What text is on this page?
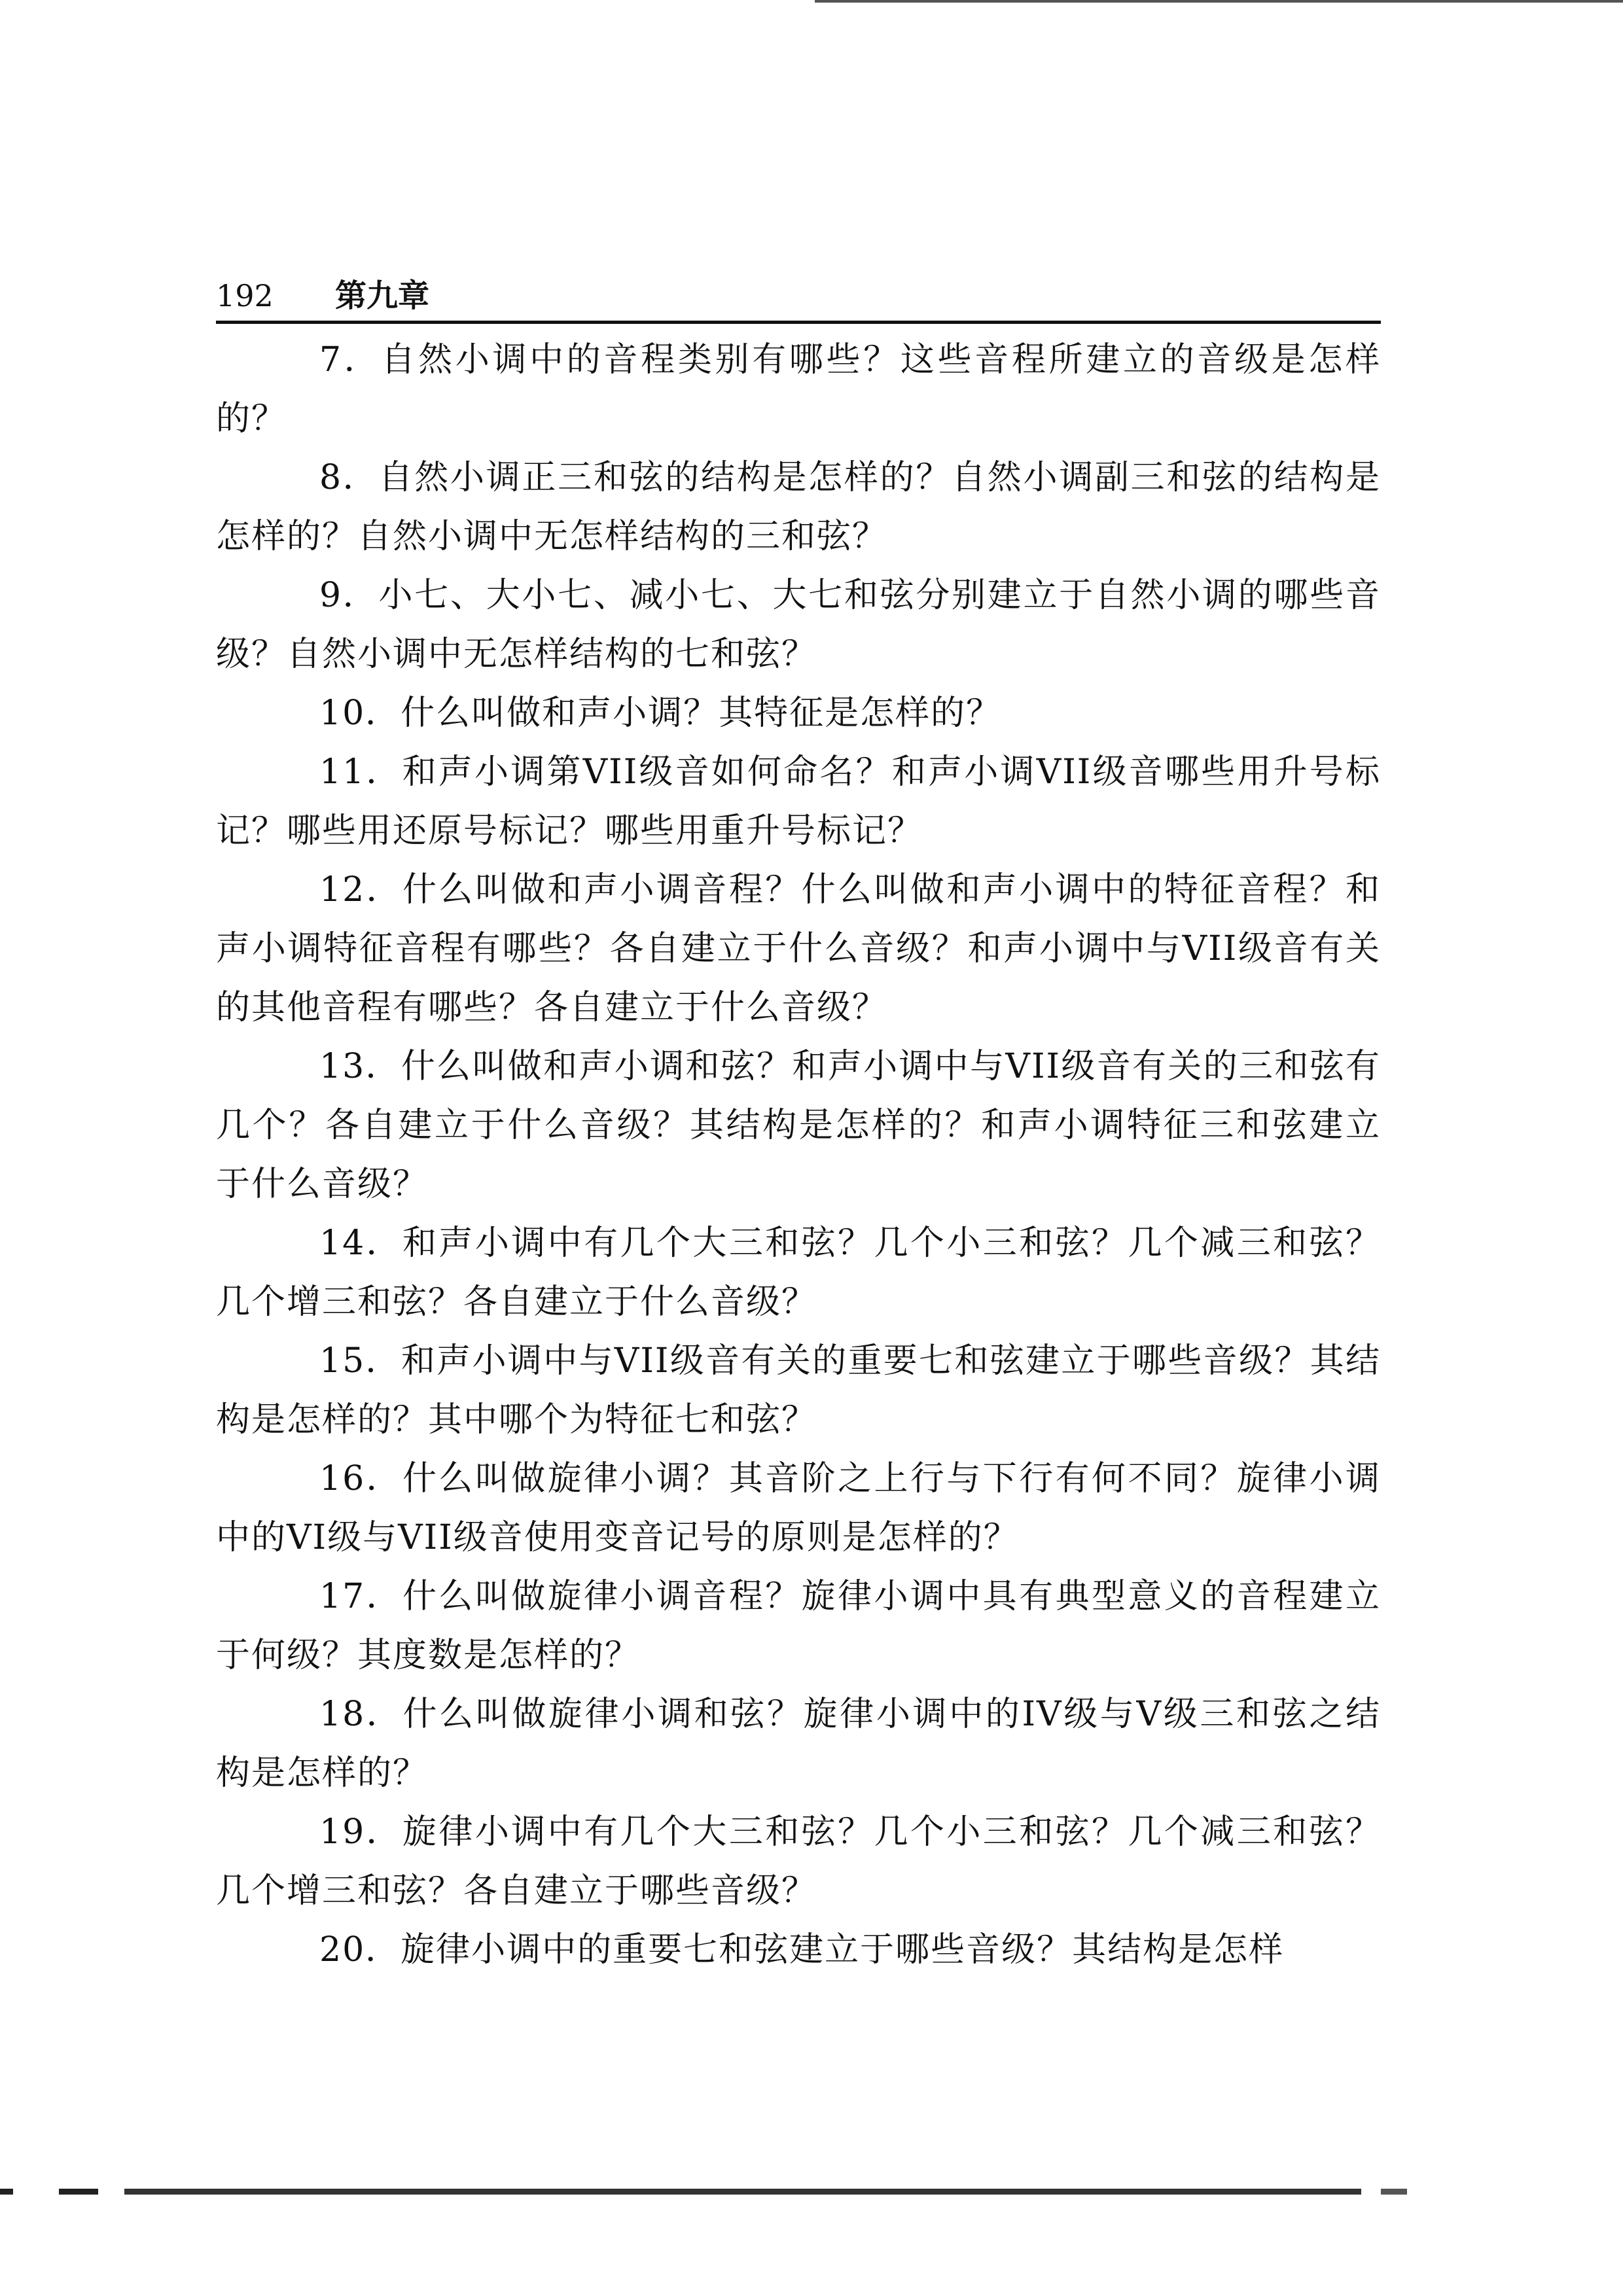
192 第九章

7．自然小调中的音程类别有哪些？这些音程所建立的音级是怎样的？

8．自然小调正三和弦的结构是怎样的？自然小调副三和弦的结构是怎样的？自然小调中无怎样结构的三和弦？

9．小七、大小七、减小七、大七和弦分别建立于自然小调的哪些音级？自然小调中无怎样结构的七和弦？

10．什么叫做和声小调？其特征是怎样的？

11．和声小调第VII级音如何命名？和声小调VII级音哪些用升号标记？哪些用还原号标记？哪些用重升号标记？

12．什么叫做和声小调音程？什么叫做和声小调中的特征音程？和声小调特征音程有哪些？各自建立于什么音级？和声小调中与VII级音有关的其他音程有哪些？各自建立于什么音级？

13．什么叫做和声小调和弦？和声小调中与VII级音有关的三和弦有几个？各自建立于什么音级？其结构是怎样的？和声小调特征三和弦建立于什么音级？

14．和声小调中有几个大三和弦？几个小三和弦？几个减三和弦？几个增三和弦？各自建立于什么音级？

15．和声小调中与VII级音有关的重要七和弦建立于哪些音级？其结构是怎样的？其中哪个为特征七和弦？

16．什么叫做旋律小调？其音阶之上行与下行有何不同？旋律小调中的VI级与VII级音使用变音记号的原则是怎样的？

17．什么叫做旋律小调音程？旋律小调中具有典型意义的音程建立于何级？其度数是怎样的？

18．什么叫做旋律小调和弦？旋律小调中的IV级与V级三和弦之结构是怎样的？

19．旋律小调中有几个大三和弦？几个小三和弦？几个减三和弦？几个增三和弦？各自建立于哪些音级？

20．旋律小调中的重要七和弦建立于哪些音级？其结构是怎样
